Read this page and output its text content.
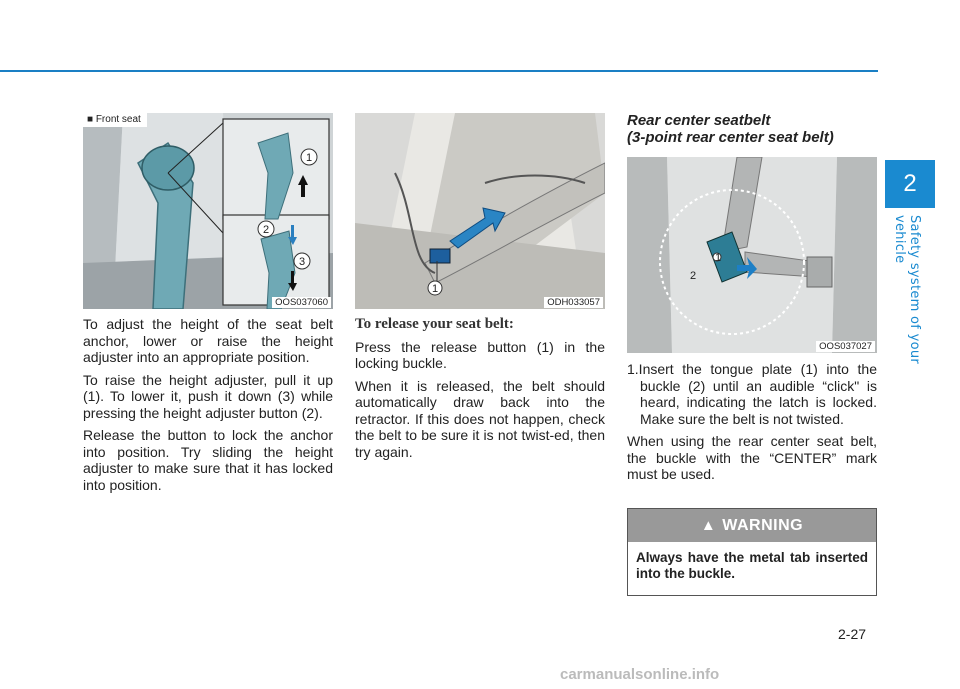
2
Safety system of your vehicle
1
2
3
■ Front seat
OOS037060

To adjust the height of the seat belt anchor, lower or raise the height adjuster into an appropriate position.

To raise the height adjuster, pull it up (1). To lower it, push it down (3) while pressing the height adjuster button (2).

Release the button to lock the anchor into position. Try sliding the height adjuster to make sure that it has locked into position.

1
ODH033057
To release your seat belt:

Press the release button (1) in the locking buckle.

When it is released, the belt should automatically draw back into the retractor. If this does not happen, check the belt to be sure it is not twist-ed, then try again.

Rear center seatbelt
(3-point rear center seat belt)
2
1
OOS037027
1.Insert the tongue plate (1) into the buckle (2) until an audible “click" is heard, indicating the latch is locked. Make sure the belt is not twisted.

When using the rear center seat belt, the buckle with the “CENTER” mark must be used.

▲ WARNING
Always have the metal tab inserted into the buckle.
2-27
carmanualsonline.info
